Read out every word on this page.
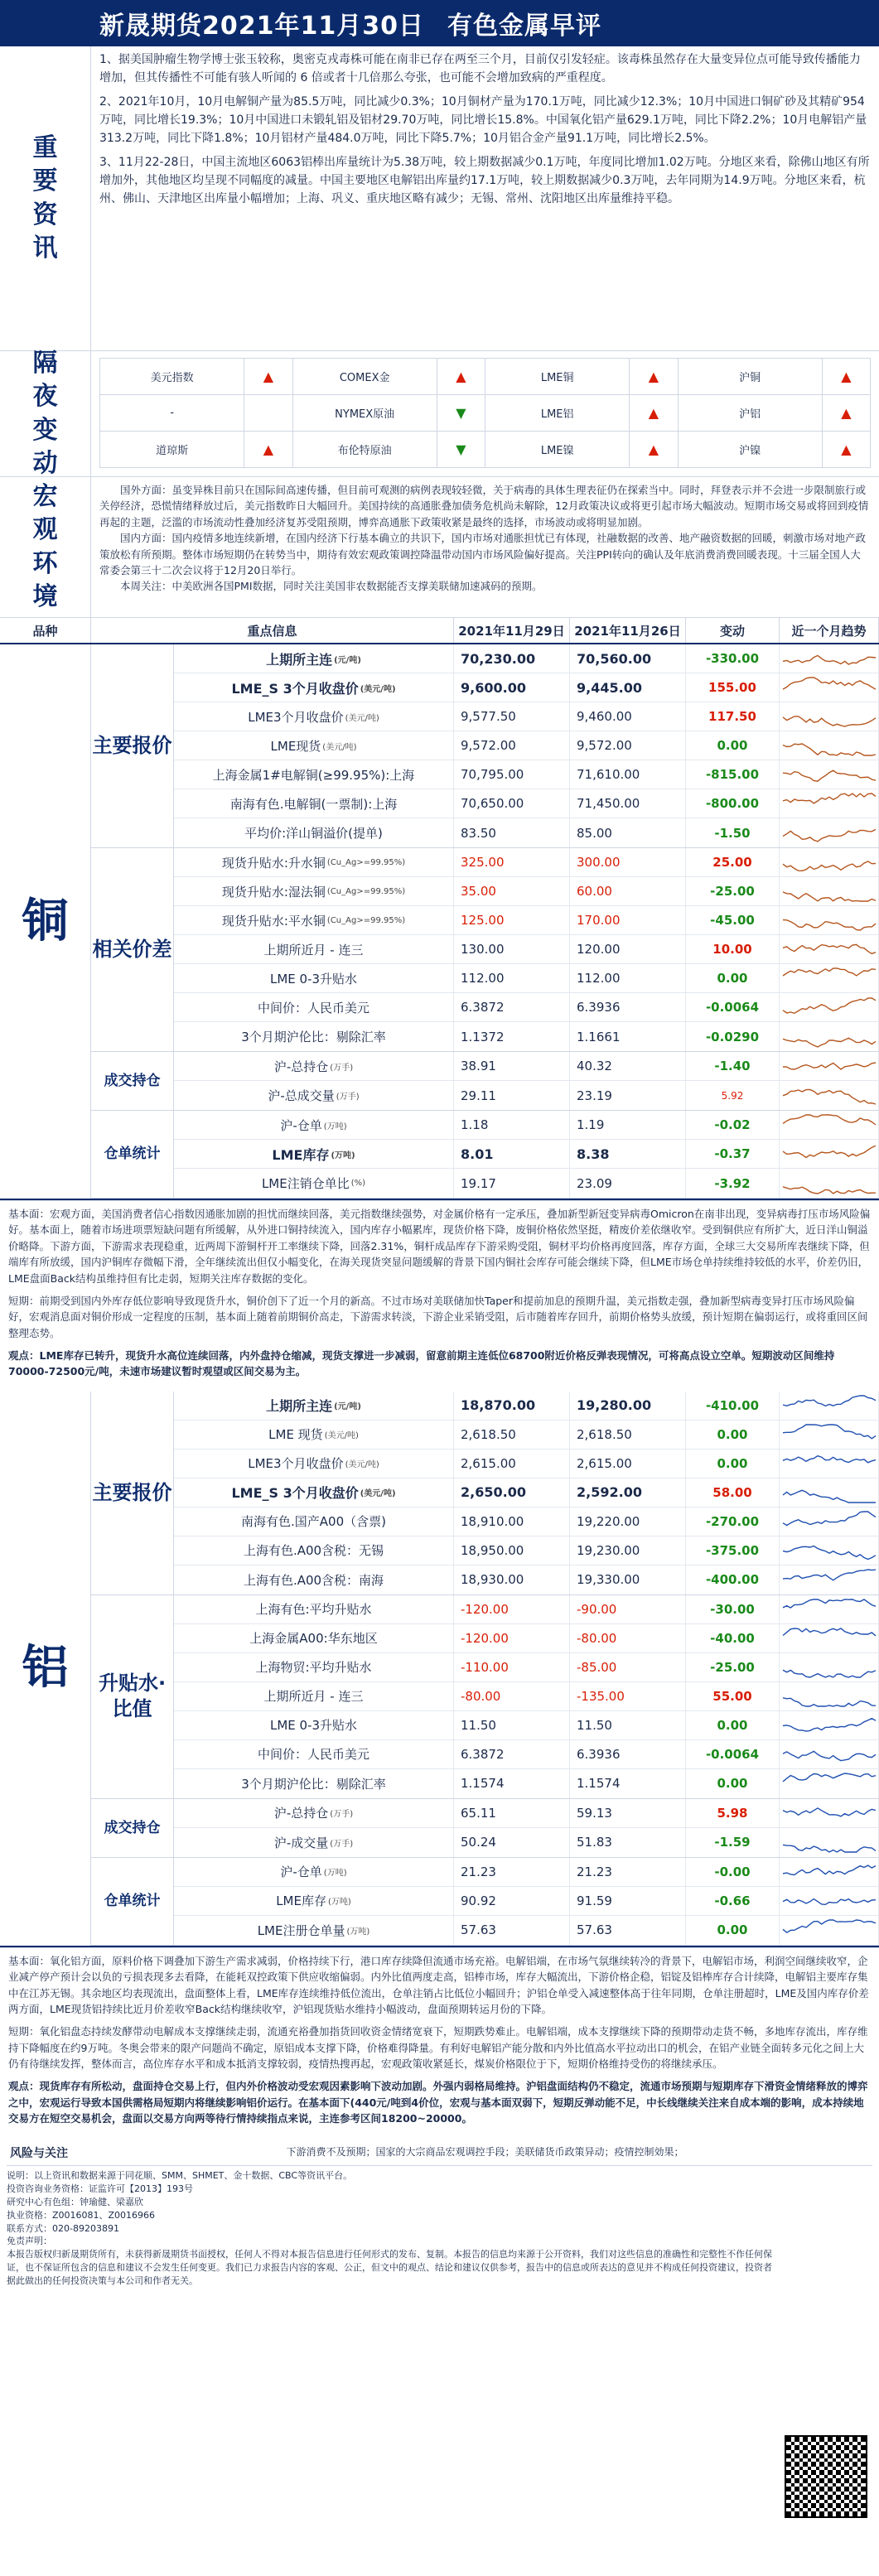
新晟期货2021年11月30日 有色金属早评
重
要
资
讯

1、据美国肿瘤生物学博士张玉较称，奥密克戎毒株可能在南非已存在两至三个月，目前仅引发轻症。该毒株虽然存在大量变异位点可能导致传播能力增加，但其传播性不可能有骇人听闻的 6 倍或者十几倍那么夸张，也可能不会增加致病的严重程度。

2、2021年10月，10月电解铜产量为85.5万吨，同比减少0.3%；10月铜材产量为170.1万吨，同比减少12.3%；10月中国进口铜矿砂及其精矿954万吨，同比增长19.3%；10月中国进口未锻轧铝及铝材29.70万吨，同比增长15.8%。中国氧化铝产量629.1万吨，同比下降2.2%；10月电解铝产量313.2万吨，同比下降1.8%；10月铝材产量484.0万吨，同比下降5.7%；10月铝合金产量91.1万吨，同比增长2.5%。

3、11月22-28日，中国主流地区6063铝棒出库量统计为5.38万吨，较上期数据减少0.1万吨，年度同比增加1.02万吨。分地区来看，除佛山地区有所增加外，其他地区均呈现不同幅度的减量。中国主要地区电解铝出库量约17.1万吨，较上期数据减少0.3万吨，去年同期为14.9万吨。分地区来看，杭州、佛山、天津地区出库量小幅增加；上海、巩义、重庆地区略有减少；无锡、常州、沈阳地区出库量维持平稳。

隔
夜
变
动
美元指数	▲	COMEX金	▲	LME铜	▲	沪铜	▲
-		NYMEX原油	▼	LME铝	▲	沪铝	▲
道琼斯	▲	布伦特原油	▼	LME镍	▲	沪镍	▲
宏
观
环
境

国外方面：虽变异株目前只在国际间高速传播，但目前可观测的病例表现较轻微，关于病毒的具体生理表征仍在探索当中。同时，拜登表示并不会进一步限制旅行或关停经济，恐慌情绪释放过后，美元指数昨日大幅回升。美国持续的高通胀叠加债务危机尚未解除，12月政策决议或将更引起市场大幅波动。短期市场交易或将回到疫情再起的主题，泛滥的市场流动性叠加经济复苏受阻预期，博弈高通胀下政策收紧是最终的选择，市场波动或将明显加剧。

国内方面：国内疫情多地连续新增，在国内经济下行基本确立的共识下，国内市场对通胀担忧已有体现，社融数据的改善、地产融资数据的回暖，刺激市场对地产政策放松有所预期。整体市场短期仍在转势当中，期待有效宏观政策调控降温带动国内市场风险偏好提高。关注PPI转向的确认及年底消费消费回暖表现。十三届全国人大常委会第三十二次会议将于12月20日举行。

本周关注：中美欧洲各国PMI数据，同时关注美国非农数据能否支撑美联储加速减码的预期。

品种	重点信息	2021年11月29日 2021年11月26日	变动	近一个月趋势
铜
主要报价
上期所主连 (元/吨)	70,230.00	70,560.00	-330.00
LME_S 3个月收盘价 (美元/吨)	9,600.00	9,445.00	155.00
LME3个月收盘价 (美元/吨)	9,577.50	9,460.00	117.50
LME现货 (美元/吨)	9,572.00	9,572.00	0.00
上海金属1#电解铜(≥99.95%):上海	70,795.00	71,610.00	-815.00
南海有色.电解铜(一票制):上海	70,650.00	71,450.00	-800.00
平均价:洋山铜溢价(提单)	83.50	85.00	-1.50
相关价差
现货升贴水:升水铜 (Cu_Ag>=99.95%)	325.00	300.00	25.00
现货升贴水:湿法铜 (Cu_Ag>=99.95%)	35.00	60.00	-25.00
现货升贴水:平水铜 (Cu_Ag>=99.95%)	125.00	170.00	-45.00
上期所近月 - 连三	130.00	120.00	10.00
LME 0-3升贴水	112.00	112.00	0.00
中间价：人民币美元	6.3872	6.3936	-0.0064
3个月期沪伦比：剔除汇率	1.1372	1.1661	-0.0290
成交持仓
沪-总持仓 (万手)	38.91	40.32	-1.40
沪-总成交量 (万手)	29.11	23.19	5.92
仓单统计
沪-仓单 (万吨)	1.18	1.19	-0.02
LME库存 (万吨)	8.01	8.38	-0.37
LME注销仓单比 (%)	19.17	23.09	-3.92

基本面：宏观方面，美国消费者信心指数因通胀加剧的担忧而继续回落，美元指数继续强势，对金属价格有一定承压，叠加新型新冠变异病毒Omicron在南非出现，变异病毒打压市场风险偏好。基本面上，随着市场进项票短缺问题有所缓解，从外进口铜持续流入，国内库存小幅累库，现货价格下降，废铜价格依然坚挺，精废价差依继收窄。受到铜供应有所扩大，近日洋山铜溢价略降。下游方面，下游需求表现稳重，近两周下游铜杆开工率继续下降，回落2.31%，铜杆成品库存下游采购受阻，铜材平均价格再度回落，库存方面，全球三大交易所库表继续下降，但端库有所放缓，国内沪铜库存微幅下滑，全年继续流出但仅小幅变化，在海关现货突显问题缓解的背景下国内铜社会库存可能会继续下降，但LME市场仓单持续维持较低的水平，价差仍旧，LME盘面Back结构虽维持但有比走弱，短期关注库存数据的变化。

短期：前期受到国内外库存低位影响导致现货升水，铜价创下了近一个月的新高。不过市场对美联储加快Taper和提前加息的预期升温，美元指数走强，叠加新型病毒变异打压市场风险偏好，宏观消息面对铜价形成一定程度的压制，基本面上随着前期铜价高走，下游需求转淡，下游企业采销受阻，后市随着库存回升，前期价格势头放缓，预计短期在偏弱运行，或将重回区间整理态势。

观点：LME库存已转升，现货升水高位连续回落，内外盘持仓缩减，现货支撑进一步减弱，留意前期主连低位68700附近价格反弹表现情况，可将高点设立空单。短期波动区间维持70000-72500元/吨，未速市场建议暂时观望或区间交易为主。

铝
主要报价
上期所主连 (元/吨)	18,870.00	19,280.00	-410.00
LME 现货 (美元/吨)	2,618.50	2,618.50	0.00
LME3个月收盘价 (美元/吨)	2,615.00	2,615.00	0.00
LME_S 3个月收盘价 (美元/吨)	2,650.00	2,592.00	58.00
南海有色.国产A00（含票)	18,910.00	19,220.00	-270.00
上海有色.A00含税：无锡	18,950.00	19,230.00	-375.00
上海有色.A00含税：南海	18,930.00	19,330.00	-400.00
升贴水·比值
上海有色:平均升贴水	-120.00	-90.00	-30.00
上海金属A00:华东地区	-120.00	-80.00	-40.00
上海物贸:平均升贴水	-110.00	-85.00	-25.00
上期所近月 - 连三	-80.00	-135.00	55.00
LME 0-3升贴水	11.50	11.50	0.00
中间价：人民币美元	6.3872	6.3936	-0.0064
3个月期沪伦比：剔除汇率	1.1574	1.1574	0.00
成交持仓
沪-总持仓 (万手)	65.11	59.13	5.98
沪-成交量 (万手)	50.24	51.83	-1.59
仓单统计
沪-仓单 (万吨)	21.23	21.23	-0.00
LME库存 (万吨)	90.92	91.59	-0.66
LME注册仓单量 (万吨)	57.63	57.63	0.00

基本面：氧化铝方面，原料价格下调叠加下游生产需求减弱，价格持续下行，港口库存续降但流通市场充裕。电解铝端，在市场气氛继续转冷的背景下，电解铝市场，利润空间继续收窄，企业减产停产预计会以负的亏损表现多去看降，在能耗双控政策下供应收缩偏弱。内外比值两度走高，铝棒市场，库存大幅流出，下游价格企稳，铝锭及铝棒库存合计续降，电解铝主要库存集中在江苏无锡。其余地区均表现流出，盘面整体上看，LME库存连续维持低位流出，仓单注销占比低位小幅回升；沪铝仓单受入减速整体高于往年同期，仓单注册超时，LME及国内库存价差两方面，LME现货铝持续比近月价差收窄Back结构继续收窄，沪铝现货贴水维持小幅波动，盘面预期转运月份的下降。

短期：氧化铝盘态持续发酵带动电解成本支撑继续走弱，流通充裕叠加指货回收资金情绪宽衰下，短期跌势难止。电解铝端，成本支撑继续下降的预期带动走货不畅，多地库存流出，库存维持下降幅度在约9万吨。冬奥会带来的限产问题尚不确定，原铝成本支撑下降，价格难得降量。有利好电解铝产能分散和内外比值高水平拉动出口的机会，在铝产业链全面转多元化之间上大仍有待继续发挥，整体而言，高位库存水平和成本抵消支撑较弱，疫情热搜再起，宏观政策收紧延长，煤炭价格限位于下，短期价格维持受伤的将继续承压。

观点：现货库存有所松动，盘面持仓交易上行，但内外价格波动受宏观因素影响下波动加剧。外强内弱格局维持。沪铝盘面结构仍不稳定，流通市场预期与短期库存下滑资金情绪释放的博弈之中，宏观运行导致本国供需格局短期内将继续影响铝价运行。在基本面下(440元/吨到4价位，宏观与基本面双弱下，短期反弹动能不足，中长线继续关注来自成本端的影响，成本持续地交易方在短空交易机会，盘面以交易方向两等待行情持续指点来说，主连参考区间18200~20000。

风险与关注	下游消费不及预期；国家的大宗商品宏观调控手段；美联储货币政策异动；疫情控制効果；
说明：以上资讯和数据来源于同花顺、SMM、SHMET、金十数据、CBC等资讯平台。
投资咨询业务资格：证监许可【2013】193号
研究中心有色组：钟瑜健、梁嘉欣
执业资格：Z0016081、Z0016966
联系方式：020-89203891
免责声明：
本报告版权归新晟期货所有，未获得新晟期货书面授权，任何人不得对本报告信息进行任何形式的发布、复制。本报告的信息均来源于公开资料，我们对这些信息的准确性和完整性不作任何保证，也不保证所包含的信息和建议不会发生任何变更。我们已力求报告内容的客观、公正，但文中的观点、结论和建议仅供参考，报告中的信息或所表达的意见并不构成任何投资建议，投资者据此做出的任何投资决策与本公司和作者无关。
